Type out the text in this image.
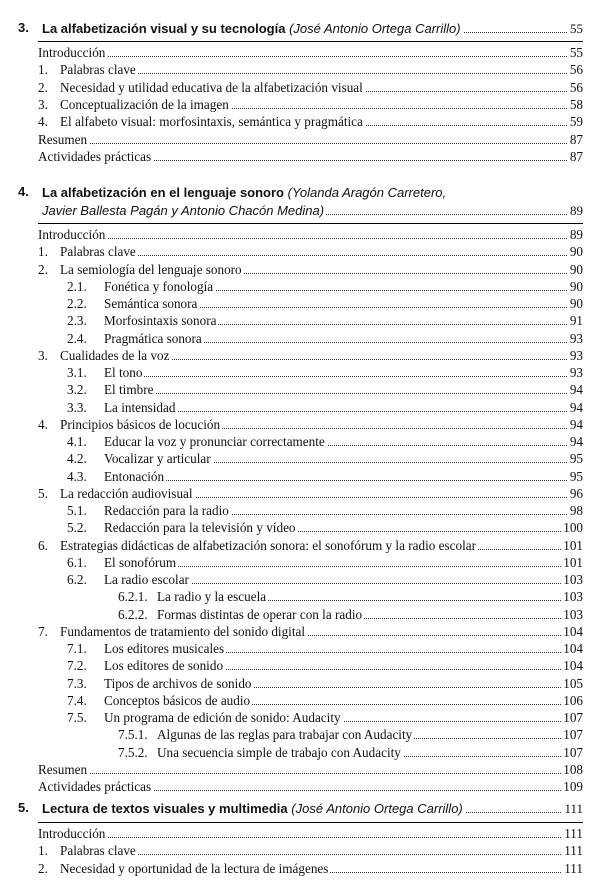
3. La alfabetización visual y su tecnología (José Antonio Ortega Carrillo)	55
Introducción	55
1. Palabras clave	56
2. Necesidad y utilidad educativa de la alfabetización visual	56
3. Conceptualización de la imagen	58
4. El alfabeto visual: morfosintaxis, semántica y pragmática	59
Resumen	87
Actividades prácticas	87
4. La alfabetización en el lenguaje sonoro (Yolanda Aragón Carretero,
Javier Ballesta Pagán y Antonio Chacón Medina)	89
Introducción	89
1. Palabras clave	90
2. La semiología del lenguaje sonoro	90
2.1. Fonética y fonología	90
2.2. Semántica sonora	90
2.3. Morfosintaxis sonora	91
2.4. Pragmática sonora	93
3. Cualidades de la voz	93
3.1. El tono	93
3.2. El timbre	94
3.3. La intensidad	94
4. Principios básicos de locución	94
4.1. Educar la voz y pronunciar correctamente	94
4.2. Vocalizar y articular	95
4.3. Entonación	95
5. La redacción audiovisual	96
5.1. Redacción para la radio	98
5.2. Redacción para la televisión y vídeo	100
6. Estrategias didácticas de alfabetización sonora: el sonofórum y la radio escolar	101
6.1. El sonofórum	101
6.2. La radio escolar	103
6.2.1. La radio y la escuela	103
6.2.2. Formas distintas de operar con la radio	103
7. Fundamentos de tratamiento del sonido digital	104
7.1. Los editores musicales	104
7.2. Los editores de sonido	104
7.3. Tipos de archivos de sonido	105
7.4. Conceptos básicos de audio	106
7.5. Un programa de edición de sonido: Audacity	107
7.5.1. Algunas de las reglas para trabajar con Audacity	107
7.5.2. Una secuencia simple de trabajo con Audacity	107
Resumen	108
Actividades prácticas	109
5. Lectura de textos visuales y multimedia (José Antonio Ortega Carrillo)	111
Introducción	111
1. Palabras clave	111
2. Necesidad y oportunidad de la lectura de imágenes	111
